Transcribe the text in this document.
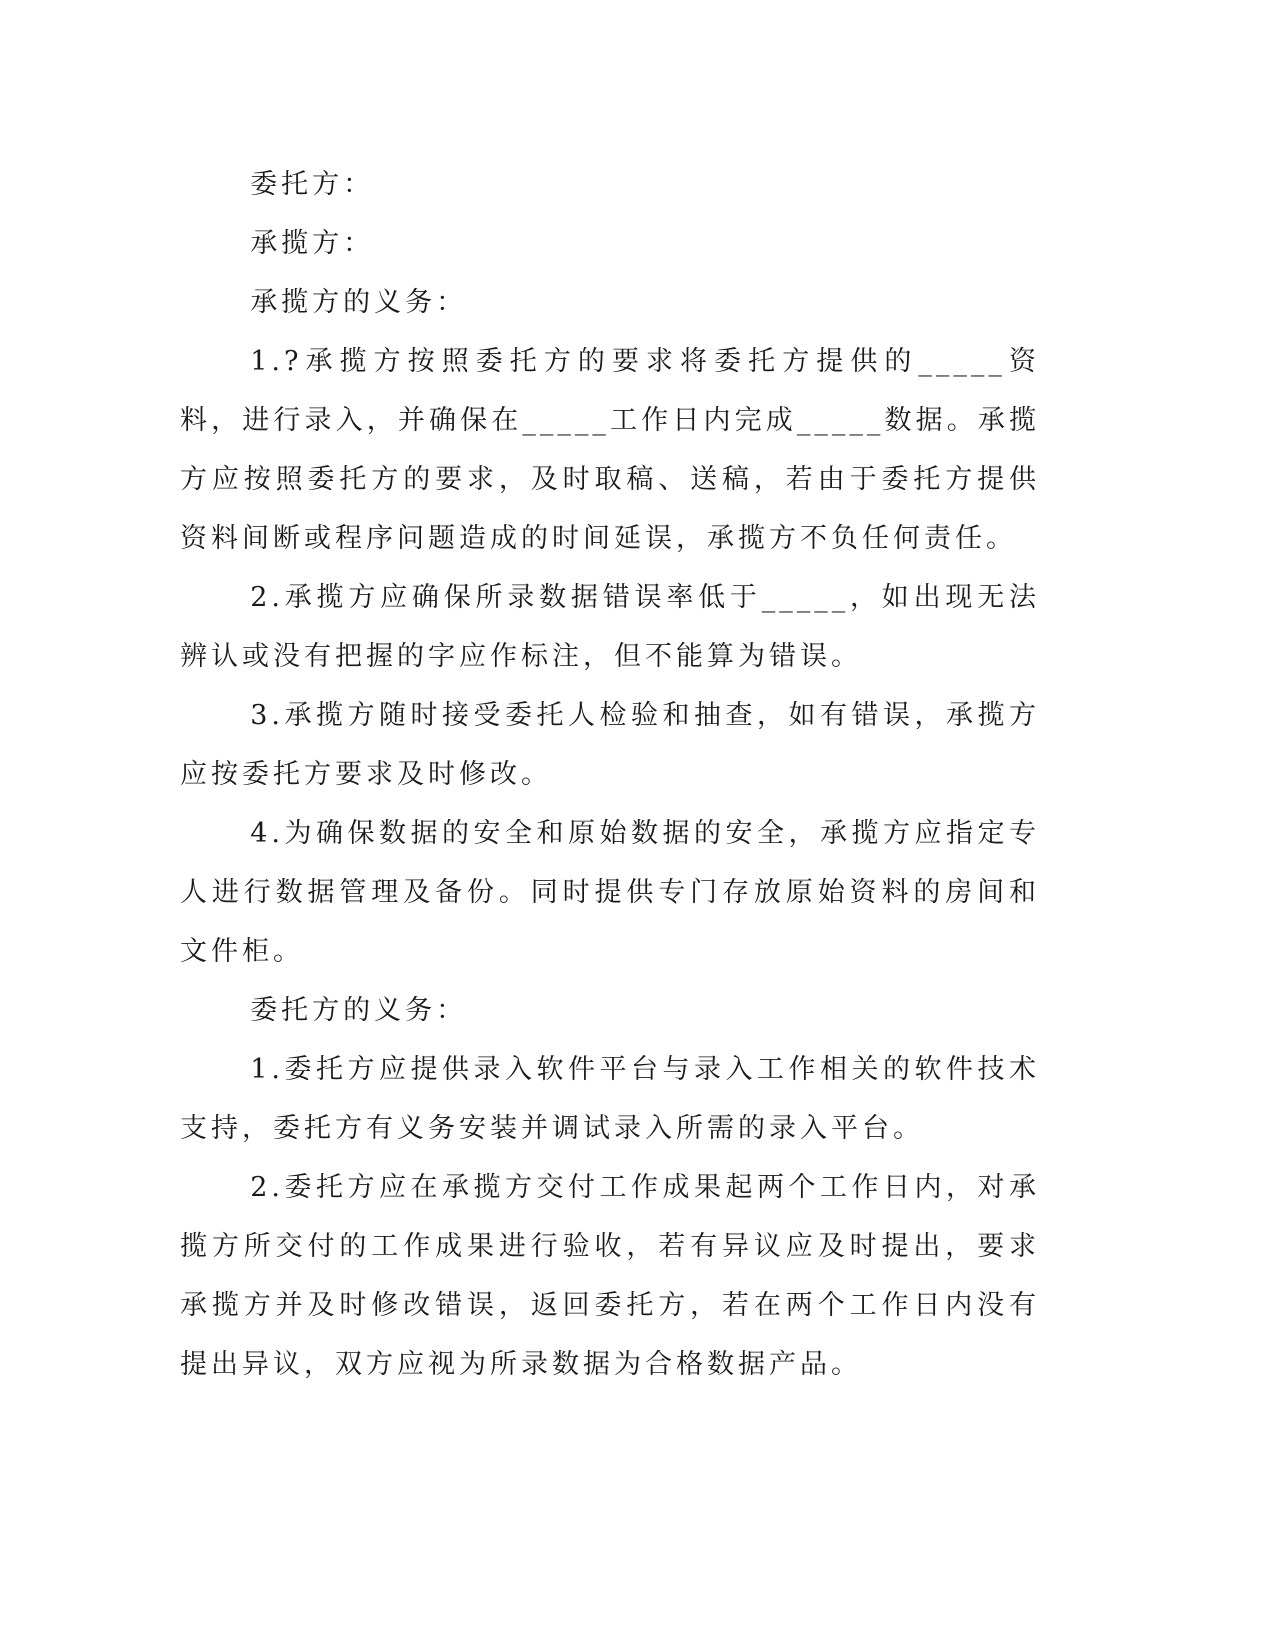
委托方：

承揽方：

承揽方的义务：

1.?承揽方按照委托方的要求将委托方提供的_____资料，进行录入，并确保在_____工作日内完成_____数据。承揽方应按照委托方的要求，及时取稿、送稿，若由于委托方提供资料间断或程序问题造成的时间延误，承揽方不负任何责任。

2.承揽方应确保所录数据错误率低于_____，如出现无法辨认或没有把握的字应作标注，但不能算为错误。

3.承揽方随时接受委托人检验和抽查，如有错误，承揽方应按委托方要求及时修改。

4.为确保数据的安全和原始数据的安全，承揽方应指定专人进行数据管理及备份。同时提供专门存放原始资料的房间和文件柜。

委托方的义务：

1.委托方应提供录入软件平台与录入工作相关的软件技术支持，委托方有义务安装并调试录入所需的录入平台。

2.委托方应在承揽方交付工作成果起两个工作日内，对承揽方所交付的工作成果进行验收，若有异议应及时提出，要求承揽方并及时修改错误，返回委托方，若在两个工作日内没有提出异议，双方应视为所录数据为合格数据产品。
